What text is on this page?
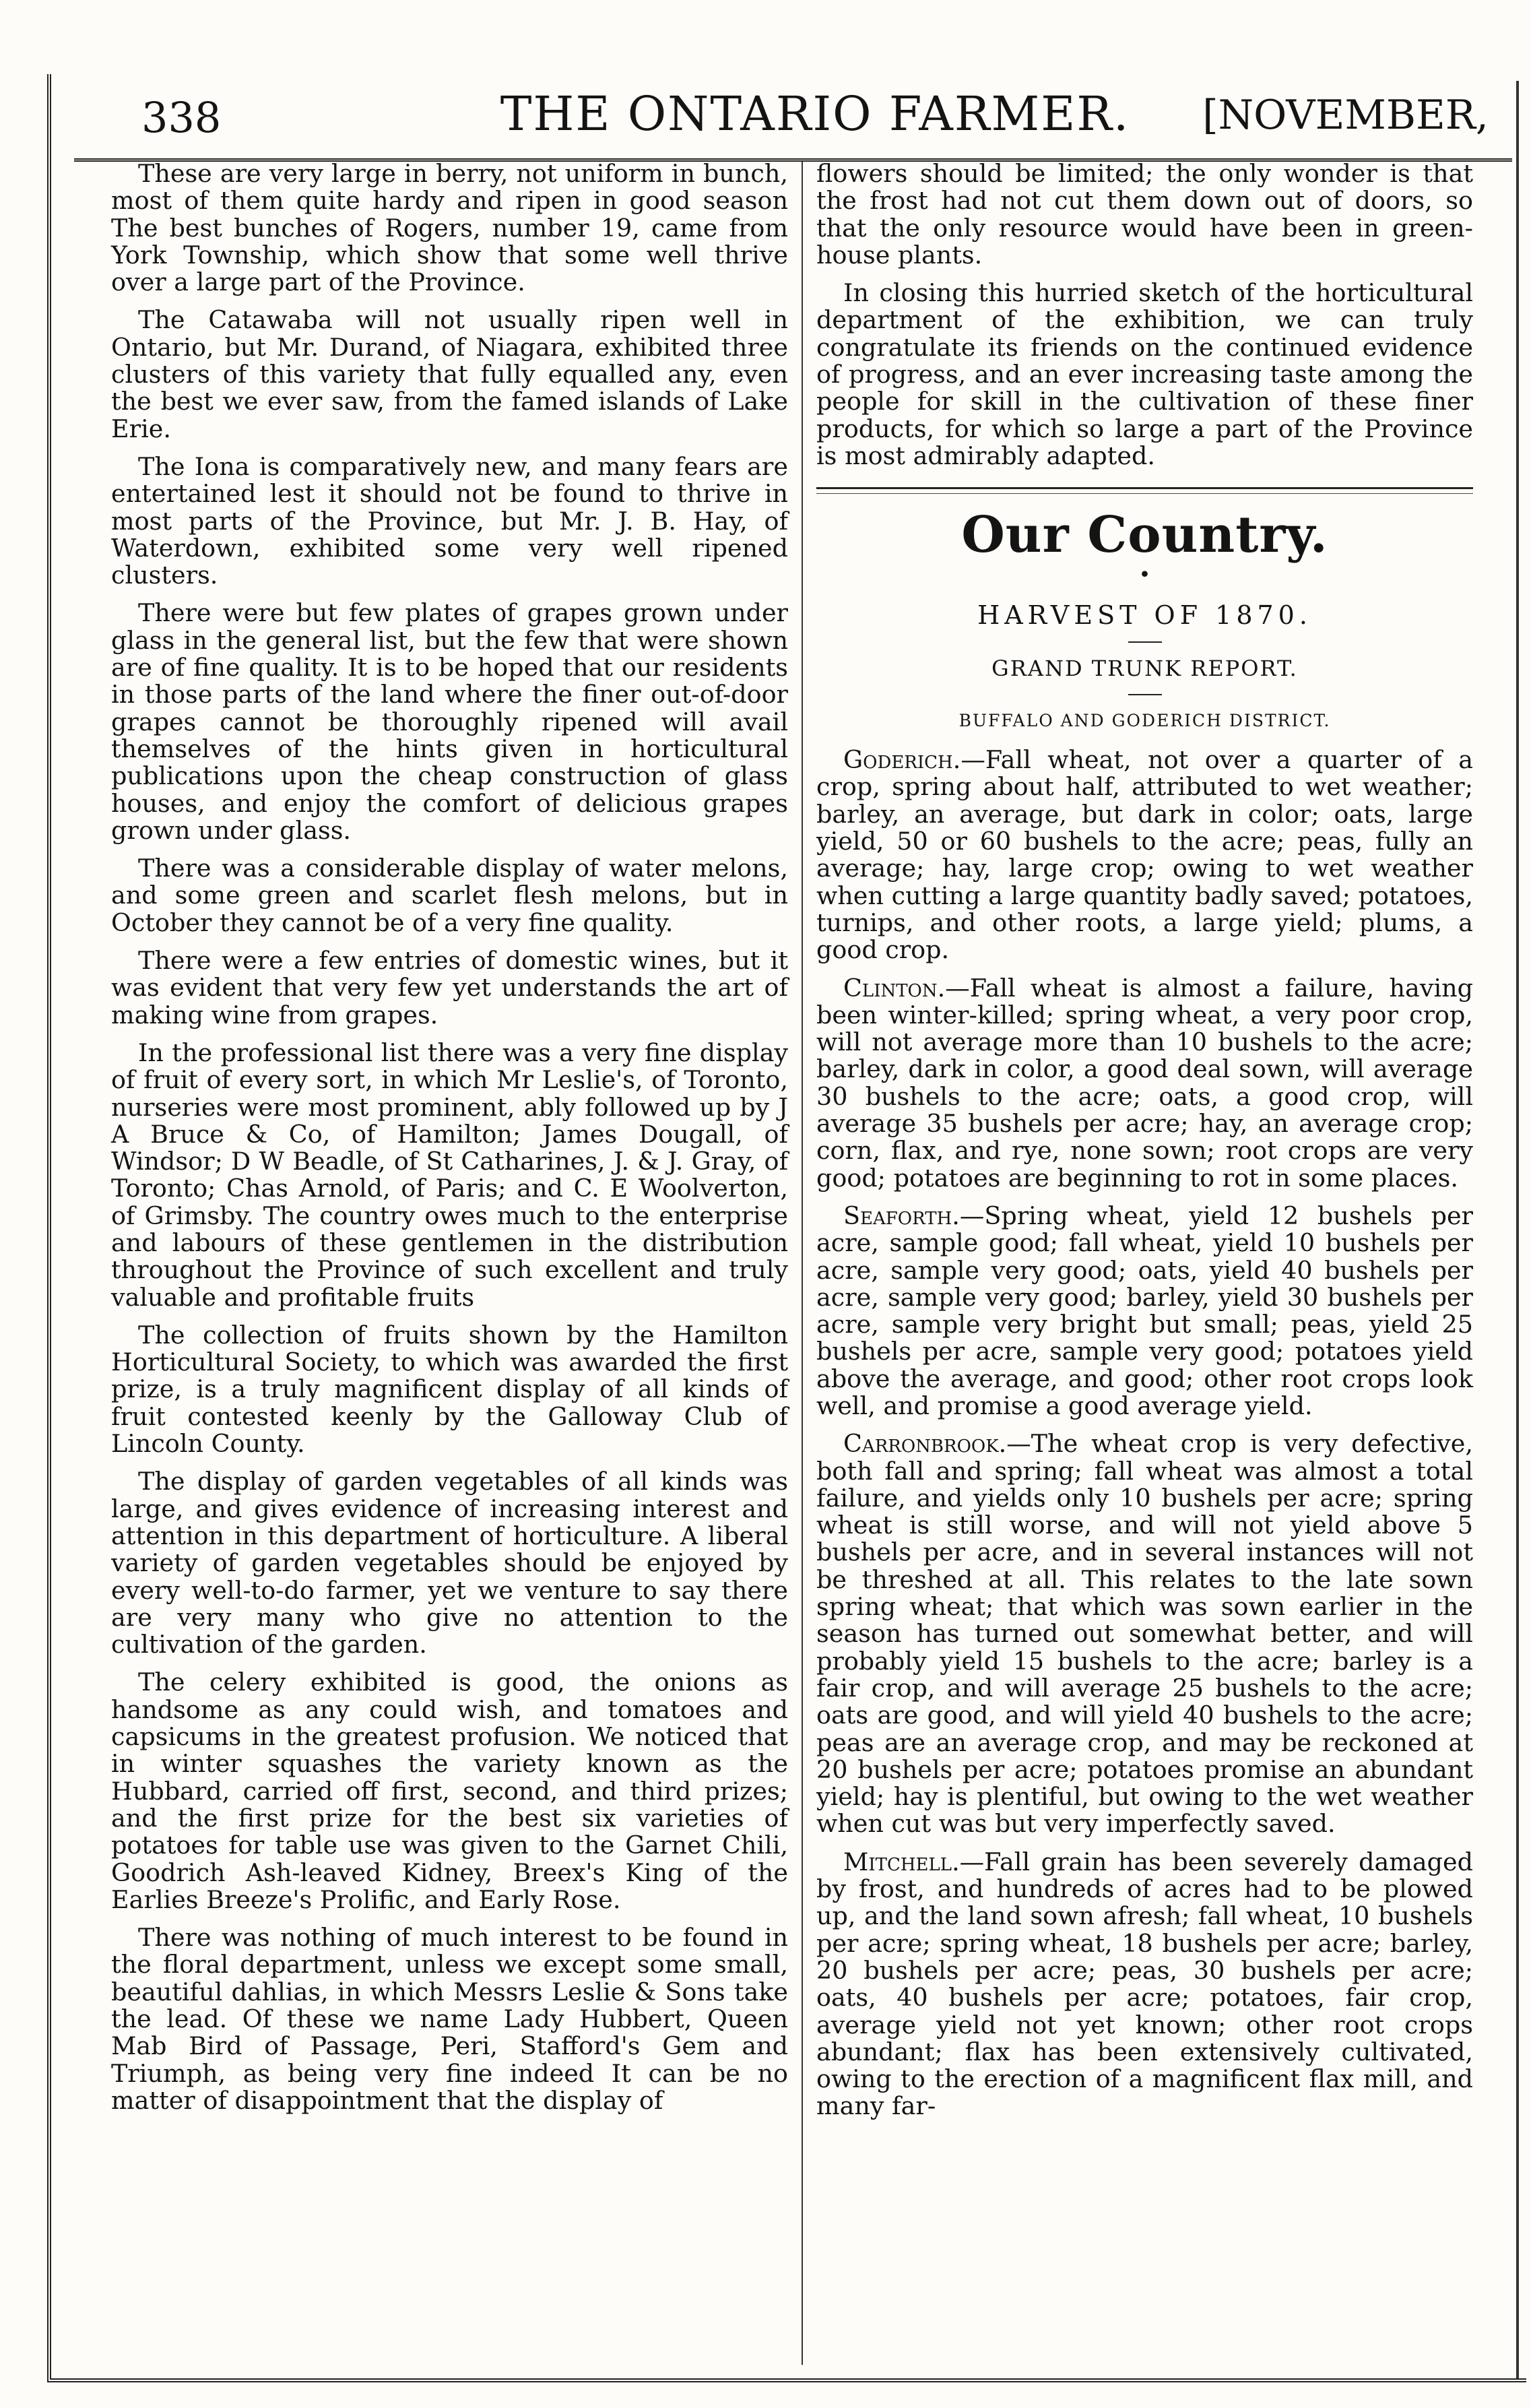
338	THE ONTARIO FARMER.	[NOVEMBER,

These are very large in berry, not uniform in bunch, most of them quite hardy and ripen in good season The best bunches of Rogers, number 19, came from York Township, which show that some well thrive over a large part of the Province.

The Catawaba will not usually ripen well in Ontario, but Mr. Durand, of Niagara, exhibited three clusters of this variety that fully equalled any, even the best we ever saw, from the famed islands of Lake Erie.

The Iona is comparatively new, and many fears are entertained lest it should not be found to thrive in most parts of the Province, but Mr. J. B. Hay, of Waterdown, exhibited some very well ripened clusters.

There were but few plates of grapes grown under glass in the general list, but the few that were shown are of fine quality. It is to be hoped that our residents in those parts of the land where the finer out-of-door grapes cannot be thoroughly ripened will avail themselves of the hints given in horticultural publications upon the cheap construction of glass houses, and enjoy the comfort of delicious grapes grown under glass.

There was a considerable display of water melons, and some green and scarlet flesh melons, but in October they cannot be of a very fine quality.

There were a few entries of domestic wines, but it was evident that very few yet understands the art of making wine from grapes.

In the professional list there was a very fine display of fruit of every sort, in which Mr Leslie's, of Toronto, nurseries were most prominent, ably followed up by J A Bruce & Co, of Hamilton; James Dougall, of Windsor; D W Beadle, of St Catharines, J. & J. Gray, of Toronto; Chas Arnold, of Paris; and C. E Woolverton, of Grimsby. The country owes much to the enterprise and labours of these gentlemen in the distribution throughout the Province of such excellent and truly valuable and profitable fruits

The collection of fruits shown by the Hamilton Horticultural Society, to which was awarded the first prize, is a truly magnificent display of all kinds of fruit contested keenly by the Galloway Club of Lincoln County.

The display of garden vegetables of all kinds was large, and gives evidence of increasing interest and attention in this department of horticulture. A liberal variety of garden vegetables should be enjoyed by every well-to-do farmer, yet we venture to say there are very many who give no attention to the cultivation of the garden.

The celery exhibited is good, the onions as handsome as any could wish, and tomatoes and capsicums in the greatest profusion. We noticed that in winter squashes the variety known as the Hubbard, carried off first, second, and third prizes; and the first prize for the best six varieties of potatoes for table use was given to the Garnet Chili, Goodrich Ash-leaved Kidney, Breex's King of the Earlies Breeze's Prolific, and Early Rose.

There was nothing of much interest to be found in the floral department, unless we except some small, beautiful dahlias, in which Messrs Leslie & Sons take the lead. Of these we name Lady Hubbert, Queen Mab Bird of Passage, Peri, Stafford's Gem and Triumph, as being very fine indeed It can be no matter of disappointment that the display of

flowers should be limited; the only wonder is that the frost had not cut them down out of doors, so that the only resource would have been in green-house plants.

In closing this hurried sketch of the horticultural department of the exhibition, we can truly congratulate its friends on the continued evidence of progress, and an ever increasing taste among the people for skill in the cultivation of these finer products, for which so large a part of the Province is most admirably adapted.

Our Country.
•
HARVEST OF 1870.
GRAND TRUNK REPORT.
BUFFALO AND GODERICH DISTRICT.

Goderich.—Fall wheat, not over a quarter of a crop, spring about half, attributed to wet weather; barley, an average, but dark in color; oats, large yield, 50 or 60 bushels to the acre; peas, fully an average; hay, large crop; owing to wet weather when cutting a large quantity badly saved; potatoes, turnips, and other roots, a large yield; plums, a good crop.

Clinton.—Fall wheat is almost a failure, having been winter-killed; spring wheat, a very poor crop, will not average more than 10 bushels to the acre; barley, dark in color, a good deal sown, will average 30 bushels to the acre; oats, a good crop, will average 35 bushels per acre; hay, an average crop; corn, flax, and rye, none sown; root crops are very good; potatoes are beginning to rot in some places.

Seaforth.—Spring wheat, yield 12 bushels per acre, sample good; fall wheat, yield 10 bushels per acre, sample very good; oats, yield 40 bushels per acre, sample very good; barley, yield 30 bushels per acre, sample very bright but small; peas, yield 25 bushels per acre, sample very good; potatoes yield above the average, and good; other root crops look well, and promise a good average yield.

Carronbrook.—The wheat crop is very defective, both fall and spring; fall wheat was almost a total failure, and yields only 10 bushels per acre; spring wheat is still worse, and will not yield above 5 bushels per acre, and in several instances will not be threshed at all. This relates to the late sown spring wheat; that which was sown earlier in the season has turned out somewhat better, and will probably yield 15 bushels to the acre; barley is a fair crop, and will average 25 bushels to the acre; oats are good, and will yield 40 bushels to the acre; peas are an average crop, and may be reckoned at 20 bushels per acre; potatoes promise an abundant yield; hay is plentiful, but owing to the wet weather when cut was but very imperfectly saved.

Mitchell.—Fall grain has been severely damaged by frost, and hundreds of acres had to be plowed up, and the land sown afresh; fall wheat, 10 bushels per acre; spring wheat, 18 bushels per acre; barley, 20 bushels per acre; peas, 30 bushels per acre; oats, 40 bushels per acre; potatoes, fair crop, average yield not yet known; other root crops abundant; flax has been extensively cultivated, owing to the erection of a magnificent flax mill, and many far-
